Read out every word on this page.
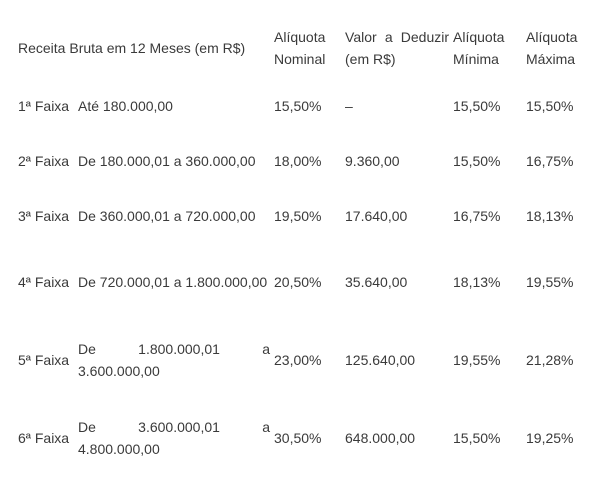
Receita Bruta em 12 Meses (em R$)		Alíquota Nominal	Valor a Deduzir (em R$)	Alíquota Mínima	Alíquota Máxima
1ª Faixa	Até 180.000,00	15,50%	–	15,50%	15,50%
2ª Faixa	De 180.000,01 a 360.000,00	18,00%	9.360,00	15,50%	16,75%
3ª Faixa	De 360.000,01 a 720.000,00	19,50%	17.640,00	16,75%	18,13%
4ª Faixa	De 720.000,01 a 1.800.000,00	20,50%	35.640,00	18,13%	19,55%
5ª Faixa	De 1.800.000,01 a 3.600.000,00	23,00%	125.640,00	19,55%	21,28%
6ª Faixa	De 3.600.000,01 a 4.800.000,00	30,50%	648.000,00	15,50%	19,25%
